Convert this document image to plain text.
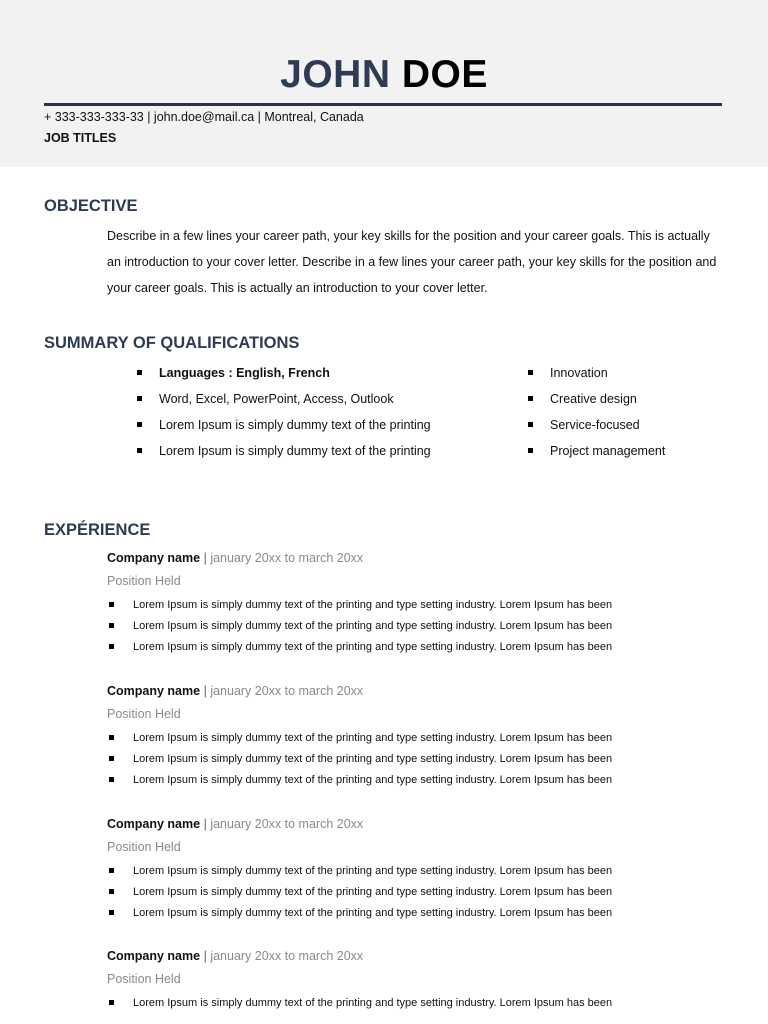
JOHN DOE
+ 333-333-333-33 | john.doe@mail.ca | Montreal, Canada
JOB TITLES
OBJECTIVE
Describe in a few lines your career path, your key skills for the position and your career goals. This is actually an introduction to your cover letter. Describe in a few lines your career path, your key skills for the position and your career goals. This is actually an introduction to your cover letter.
SUMMARY OF QUALIFICATIONS
Languages : English, French
Word, Excel, PowerPoint, Access, Outlook
Lorem Ipsum is simply dummy text of the printing
Lorem Ipsum is simply dummy text of the printing
Innovation
Creative design
Service-focused
Project management
EXPÉRIENCE
Company name | january 20xx to march 20xx
Position Held
Lorem Ipsum is simply dummy text of the printing and type setting industry. Lorem Ipsum has been
Lorem Ipsum is simply dummy text of the printing and type setting industry. Lorem Ipsum has been
Lorem Ipsum is simply dummy text of the printing and type setting industry. Lorem Ipsum has been
Company name | january 20xx to march 20xx
Position Held
Lorem Ipsum is simply dummy text of the printing and type setting industry. Lorem Ipsum has been
Lorem Ipsum is simply dummy text of the printing and type setting industry. Lorem Ipsum has been
Lorem Ipsum is simply dummy text of the printing and type setting industry. Lorem Ipsum has been
Company name | january 20xx to march 20xx
Position Held
Lorem Ipsum is simply dummy text of the printing and type setting industry. Lorem Ipsum has been
Lorem Ipsum is simply dummy text of the printing and type setting industry. Lorem Ipsum has been
Lorem Ipsum is simply dummy text of the printing and type setting industry. Lorem Ipsum has been
Company name | january 20xx to march 20xx
Position Held
Lorem Ipsum is simply dummy text of the printing and type setting industry. Lorem Ipsum has been
